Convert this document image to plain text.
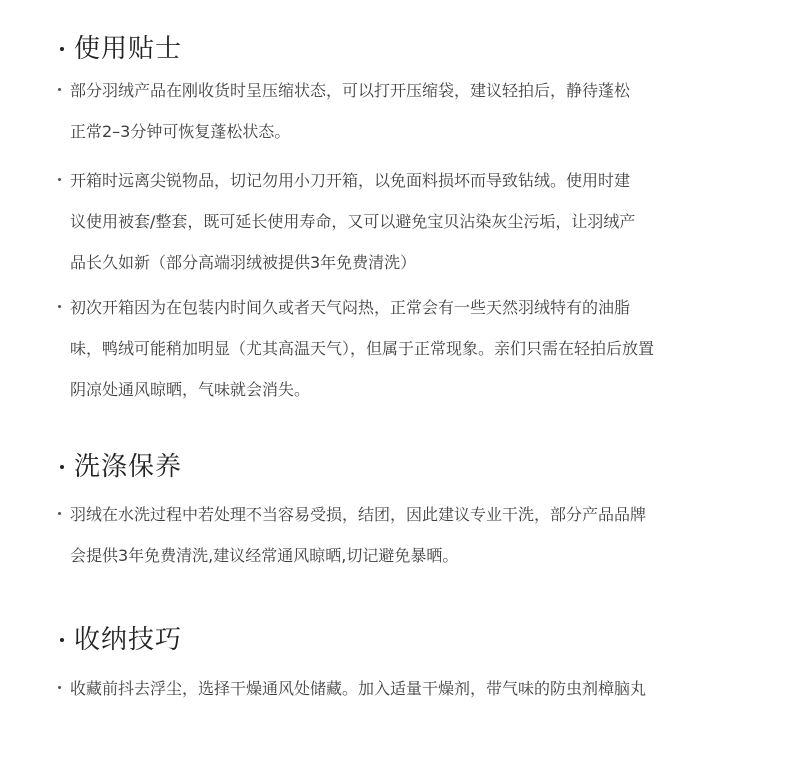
使用贴士
部分羽绒产品在刚收货时呈压缩状态，可以打开压缩袋，建议轻拍后，静待蓬松
正常2–3分钟可恢复蓬松状态。
开箱时远离尖锐物品，切记勿用小刀开箱，以免面料损坏而导致钻绒。使用时建
议使用被套/整套，既可延长使用寿命，又可以避免宝贝沾染灰尘污垢，让羽绒产
品长久如新（部分高端羽绒被提供3年免费清洗）
初次开箱因为在包装内时间久或者天气闷热，正常会有一些天然羽绒特有的油脂
味，鸭绒可能稍加明显（尤其高温天气），但属于正常现象。亲们只需在轻拍后放置
阴凉处通风晾晒，气味就会消失。
洗涤保养
羽绒在水洗过程中若处理不当容易受损，结团，因此建议专业干洗，部分产品品牌
会提供3年免费清洗,建议经常通风晾晒,切记避免暴晒。
收纳技巧
收藏前抖去浮尘，选择干燥通风处储藏。加入适量干燥剂，带气味的防虫剂樟脑丸
